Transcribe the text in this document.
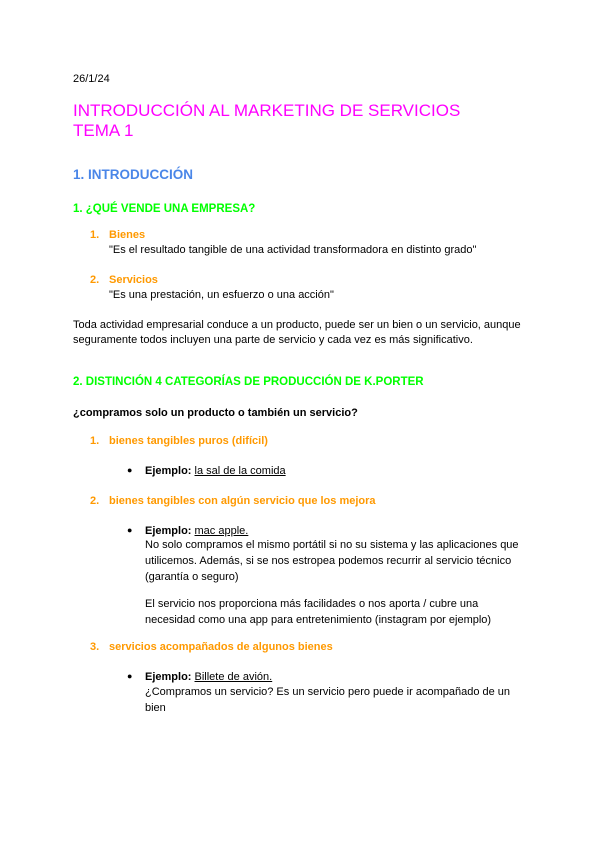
26/1/24
INTRODUCCIÓN AL MARKETING DE SERVICIOS
TEMA 1
1. INTRODUCCIÓN
1. ¿QUÉ VENDE UNA EMPRESA?
1. Bienes
"Es el resultado tangible de una actividad transformadora en distinto grado"
2. Servicios
"Es una prestación, un esfuerzo o una acción"
Toda actividad empresarial conduce a un producto, puede ser un bien o un servicio, aunque
seguramente todos incluyen una parte de servicio y cada vez es más significativo.
2. DISTINCIÓN 4 CATEGORÍAS DE PRODUCCIÓN DE K.PORTER
¿compramos solo un producto o también un servicio?
1. bienes tangibles puros (difícil)
● Ejemplo: la sal de la comida
2. bienes tangibles con algún servicio que los mejora
● Ejemplo: mac apple.
No solo compramos el mismo portátil si no su sistema y las aplicaciones que
utilicemos. Además, si se nos estropea podemos recurrir al servicio técnico
(garantía o seguro)
El servicio nos proporciona más facilidades o nos aporta / cubre una
necesidad como una app para entretenimiento (instagram por ejemplo)
3. servicios acompañados de algunos bienes
● Ejemplo: Billete de avión.
¿Compramos un servicio? Es un servicio pero puede ir acompañado de un
bien
